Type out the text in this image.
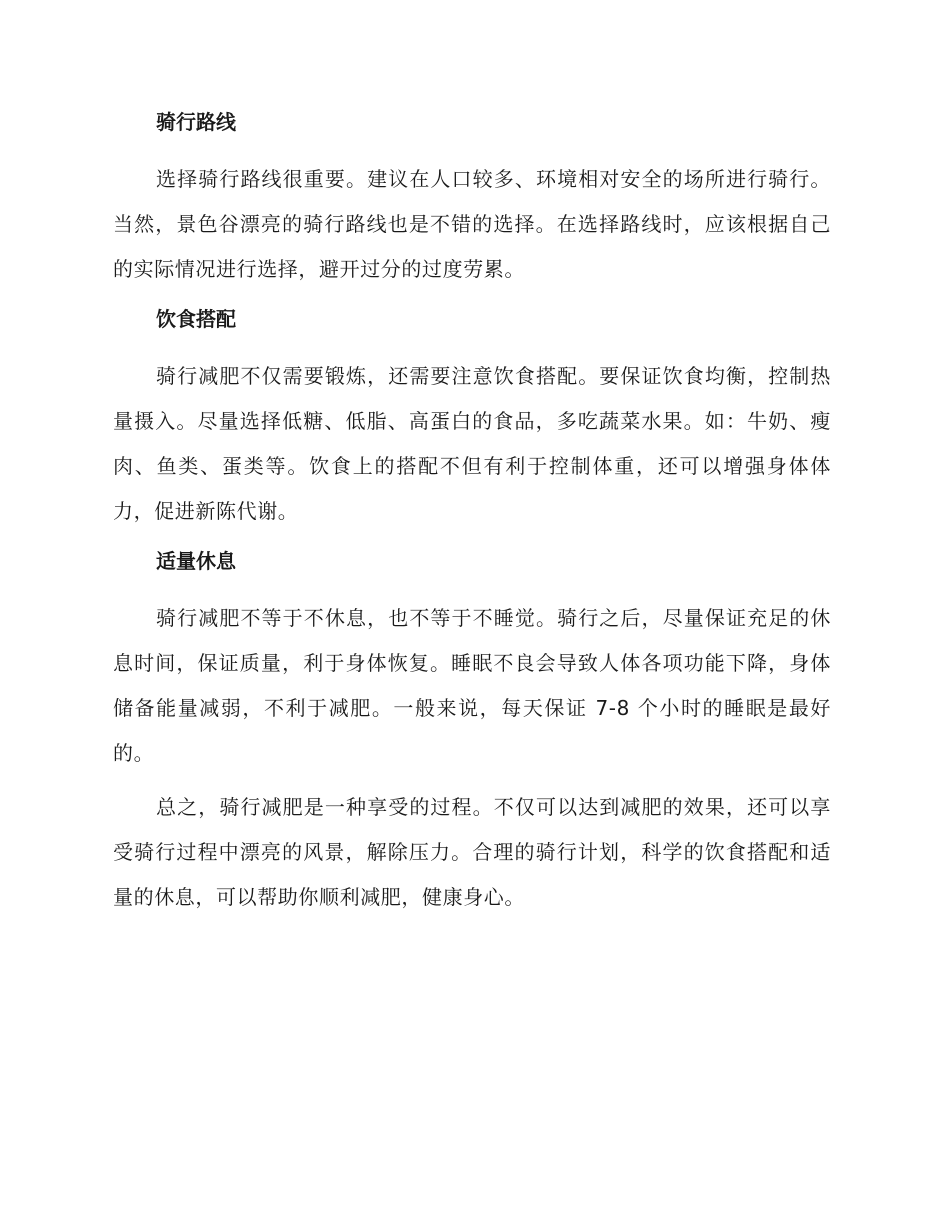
骑行路线

选择骑行路线很重要。建议在人口较多、环境相对安全的场所进行骑行。当然，景色谷漂亮的骑行路线也是不错的选择。在选择路线时，应该根据自己的实际情况进行选择，避开过分的过度劳累。

饮食搭配

骑行减肥不仅需要锻炼，还需要注意饮食搭配。要保证饮食均衡，控制热量摄入。尽量选择低糖、低脂、高蛋白的食品，多吃蔬菜水果。如：牛奶、瘦肉、鱼类、蛋类等。饮食上的搭配不但有利于控制体重，还可以增强身体体力，促进新陈代谢。

适量休息

骑行减肥不等于不休息，也不等于不睡觉。骑行之后，尽量保证充足的休息时间，保证质量，利于身体恢复。睡眠不良会导致人体各项功能下降，身体储备能量减弱，不利于减肥。一般来说，每天保证 7-8 个小时的睡眠是最好的。

总之，骑行减肥是一种享受的过程。不仅可以达到减肥的效果，还可以享受骑行过程中漂亮的风景，解除压力。合理的骑行计划，科学的饮食搭配和适量的休息，可以帮助你顺利减肥，健康身心。
